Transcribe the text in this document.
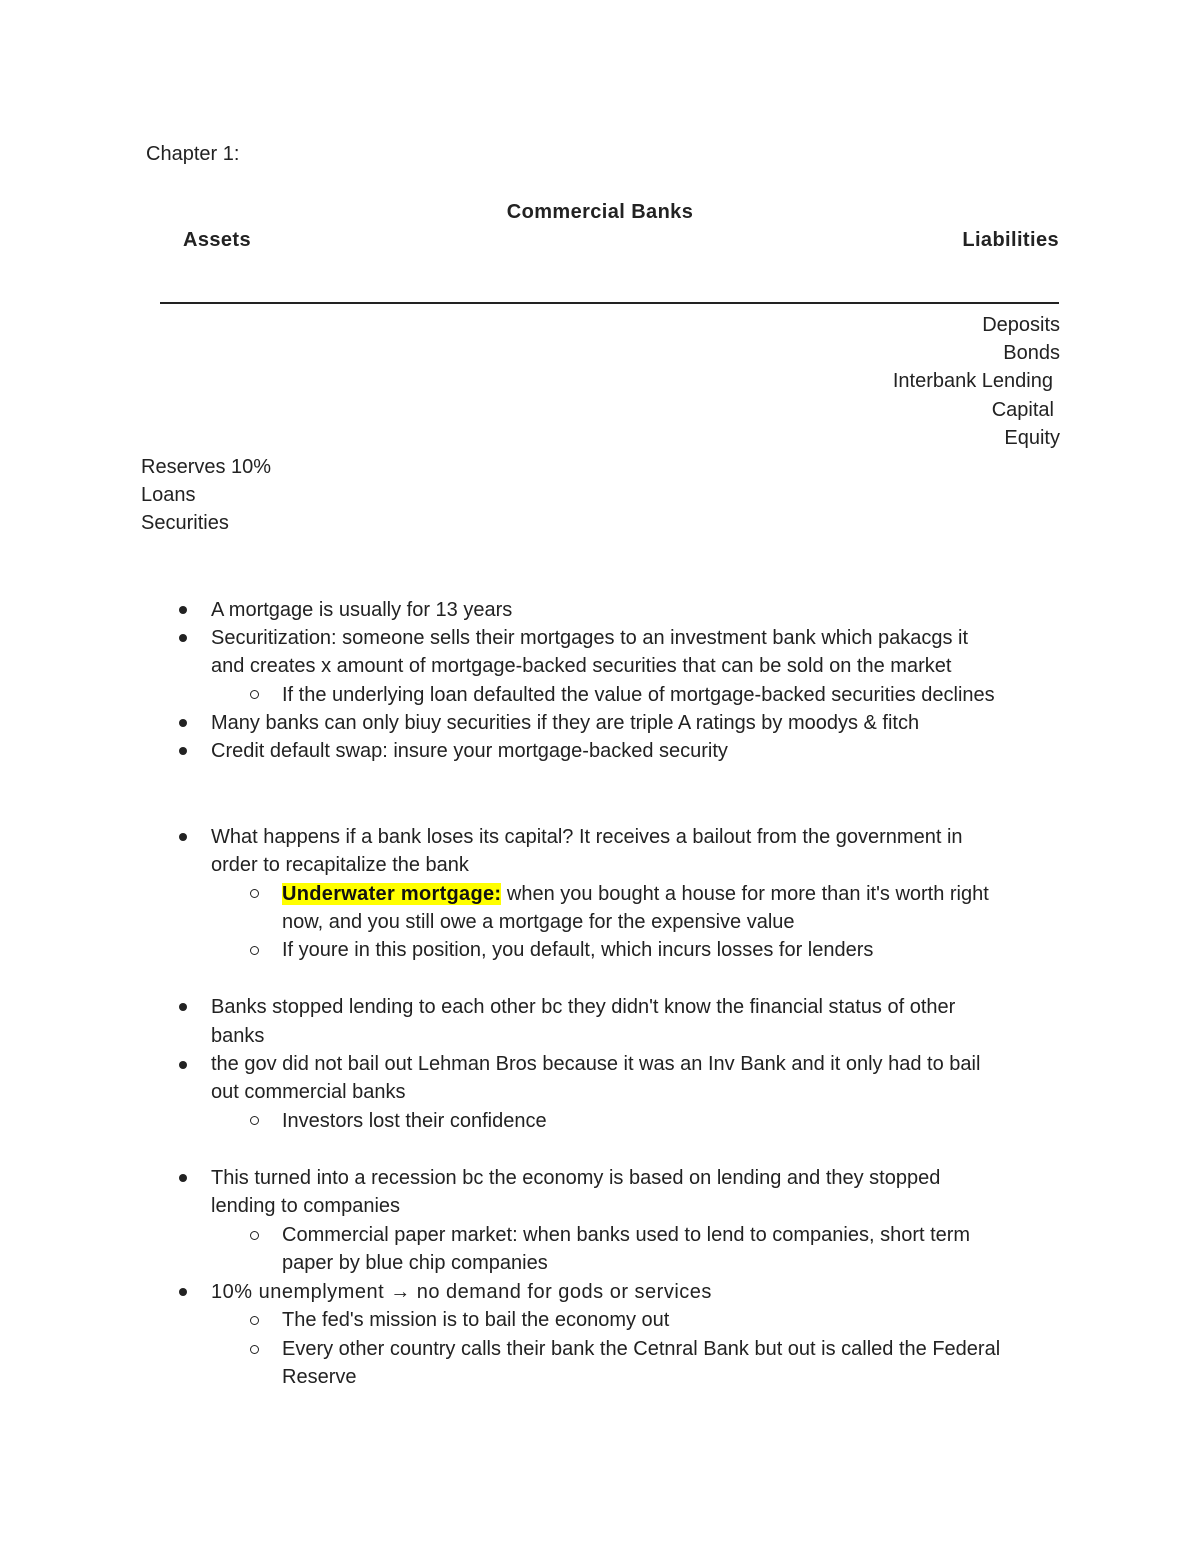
Chapter 1:
Commercial Banks
Assets	Liabilities
Deposits
Bonds
Interbank Lending
Capital
Equity
Reserves 10%
Loans
Securities
A mortgage is usually for 13 years
Securitization: someone sells their mortgages to an investment bank which pakacgs it
and creates x amount of mortgage-backed securities that can be sold on the market
If the underlying loan defaulted the value of mortgage-backed securities declines
Many banks can only biuy securities if they are triple A ratings by moodys & fitch
Credit default swap: insure your mortgage-backed security
What happens if a bank loses its capital? It receives a bailout from the government in
order to recapitalize the bank
Underwater mortgage: when you bought a house for more than it's worth right
now, and you still owe a mortgage for the expensive value
If youre in this position, you default, which incurs losses for lenders
Banks stopped lending to each other bc they didn't know the financial status of other
banks
the gov did not bail out Lehman Bros because it was an Inv Bank and it only had to bail
out commercial banks
Investors lost their confidence
This turned into a recession bc the economy is based on lending and they stopped
lending to companies
Commercial paper market: when banks used to lend to companies, short term
paper by blue chip companies
10% unemplyment → no demand for gods or services
The fed's mission is to bail the economy out
Every other country calls their bank the Cetnral Bank but out is called the Federal
Reserve
